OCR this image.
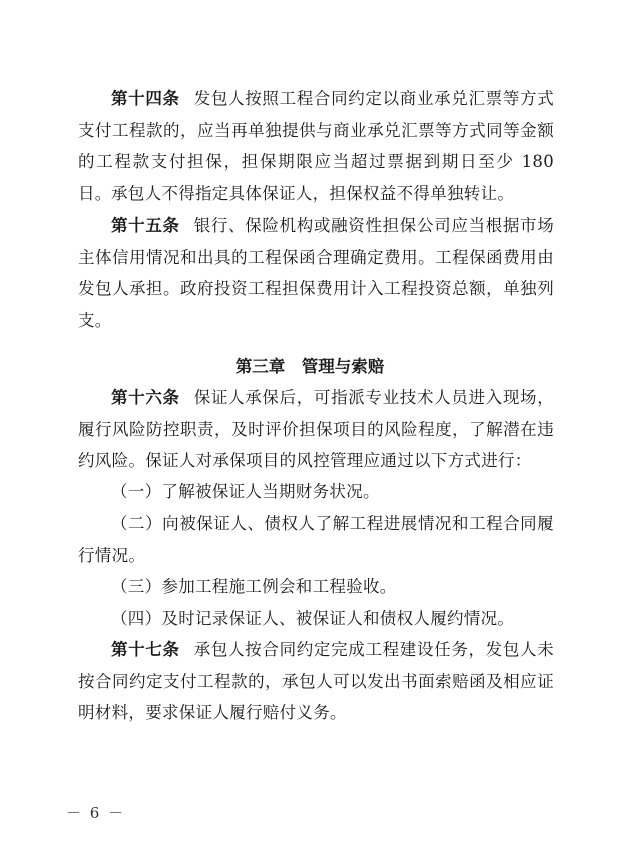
第十四条 发包人按照工程合同约定以商业承兑汇票等方式支付工程款的，应当再单独提供与商业承兑汇票等方式同等金额的工程款支付担保，担保期限应当超过票据到期日至少 180 日。 承包人不得指定具体保证人，担保权益不得单独转让。

第十五条 银行、保险机构或融资性担保公司应当根据市场主体信用情况和出具的工程保函合理确定费用。工程保函费用由发包人承担。政府投资工程担保费用计入工程投资总额，单独列支。

第三章　管理与索赔

第十六条 保证人承保后，可指派专业技术人员进入现场，履行风险防控职责，及时评价担保项目的风险程度，了解潜在违约风险。保证人对承保项目的风控管理应通过以下方式进行：

（一）了解被保证人当期财务状况。

（二）向被保证人、债权人了解工程进展情况和工程合同履行情况。

（三）参加工程施工例会和工程验收。

（四）及时记录保证人、被保证人和债权人履约情况。

第十七条 承包人按合同约定完成工程建设任务，发包人未按合同约定支付工程款的，承包人可以发出书面索赔函及相应证明材料，要求保证人履行赔付义务。

－ 6 －
